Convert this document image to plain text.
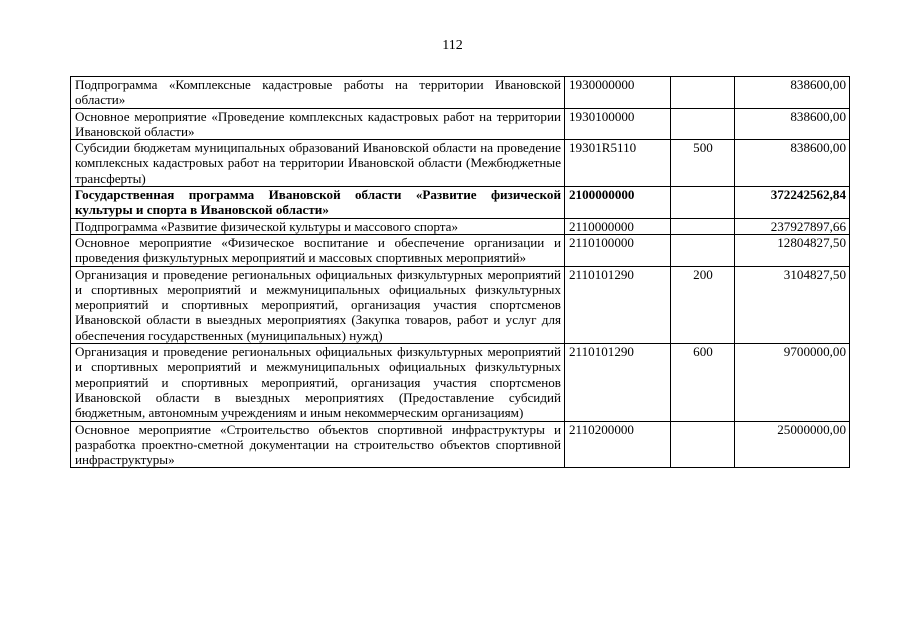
112
Подпрограмма «Комплексные кадастровые работы на территории Ивановской области»	1930000000		838600,00
Основное мероприятие «Проведение комплексных кадастровых работ на территории Ивановской области»	1930100000		838600,00
Субсидии бюджетам муниципальных образований Ивановской области на проведение комплексных кадастровых работ на территории Ивановской области (Межбюджетные трансферты)	19301R5110	500	838600,00
Государственная программа Ивановской области «Развитие физической культуры и спорта в Ивановской области»	2100000000		372242562,84
Подпрограмма «Развитие физической культуры и массового спорта»	2110000000		237927897,66
Основное мероприятие «Физическое воспитание и обеспечение организации и проведения физкультурных мероприятий и массовых спортивных мероприятий»	2110100000		12804827,50
Организация и проведение региональных официальных физкультурных мероприятий и спортивных мероприятий и межмуниципальных официальных физкультурных мероприятий и спортивных мероприятий, организация участия спортсменов Ивановской области в выездных мероприятиях (Закупка товаров, работ и услуг для обеспечения государственных (муниципальных) нужд)	2110101290	200	3104827,50
Организация и проведение региональных официальных физкультурных мероприятий и спортивных мероприятий и межмуниципальных официальных физкультурных мероприятий и спортивных мероприятий, организация участия спортсменов Ивановской области в выездных мероприятиях (Предоставление субсидий бюджетным, автономным учреждениям и иным некоммерческим организациям)	2110101290	600	9700000,00
Основное мероприятие «Строительство объектов спортивной инфраструктуры и разработка проектно-сметной документации на строительство объектов спортивной инфраструктуры»	2110200000		25000000,00
